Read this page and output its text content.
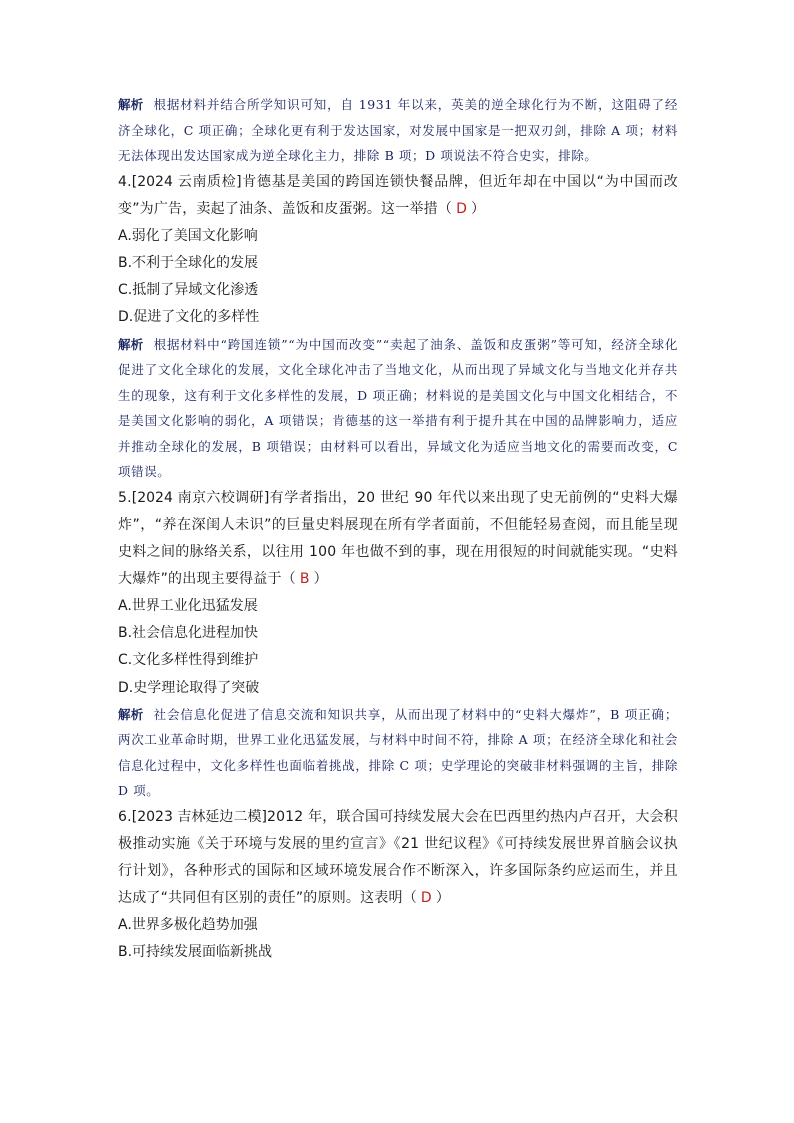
解析 根据材料并结合所学知识可知，自 1931 年以来，英美的逆全球化行为不断，这阻碍了经济全球化，C 项正确；全球化更有利于发达国家，对发展中国家是一把双刃剑，排除 A 项；材料无法体现出发达国家成为逆全球化主力，排除 B 项；D 项说法不符合史实，排除。

4.[2024 云南质检]肯德基是美国的跨国连锁快餐品牌，但近年却在中国以“为中国而改变”为广告，卖起了油条、盖饭和皮蛋粥。这一举措（ D ）

A.弱化了美国文化影响
B.不利于全球化的发展
C.抵制了异域文化渗透
D.促进了文化的多样性

解析 根据材料中“跨国连锁”“为中国而改变”“卖起了油条、盖饭和皮蛋粥”等可知，经济全球化促进了文化全球化的发展，文化全球化冲击了当地文化，从而出现了异域文化与当地文化并存共生的现象，这有利于文化多样性的发展，D 项正确；材料说的是美国文化与中国文化相结合，不是美国文化影响的弱化，A 项错误；肯德基的这一举措有利于提升其在中国的品牌影响力，适应并推动全球化的发展，B 项错误；由材料可以看出，异域文化为适应当地文化的需要而改变，C 项错误。

5.[2024 南京六校调研]有学者指出，20 世纪 90 年代以来出现了史无前例的“史料大爆炸”，“养在深闺人未识”的巨量史料展现在所有学者面前，不但能轻易查阅，而且能呈现史料之间的脉络关系，以往用 100 年也做不到的事，现在用很短的时间就能实现。“史料大爆炸”的出现主要得益于（ B ）

A.世界工业化迅猛发展
B.社会信息化进程加快
C.文化多样性得到维护
D.史学理论取得了突破

解析 社会信息化促进了信息交流和知识共享，从而出现了材料中的“史料大爆炸”，B 项正确；两次工业革命时期，世界工业化迅猛发展，与材料中时间不符，排除 A 项；在经济全球化和社会信息化过程中，文化多样性也面临着挑战，排除 C 项；史学理论的突破非材料强调的主旨，排除 D 项。

6.[2023 吉林延边二模]2012 年，联合国可持续发展大会在巴西里约热内卢召开，大会积极推动实施《关于环境与发展的里约宣言》《21 世纪议程》《可持续发展世界首脑会议执行计划》，各种形式的国际和区域环境发展合作不断深入，许多国际条约应运而生，并且达成了“共同但有区别的责任”的原则。这表明（ D ）

A.世界多极化趋势加强
B.可持续发展面临新挑战
